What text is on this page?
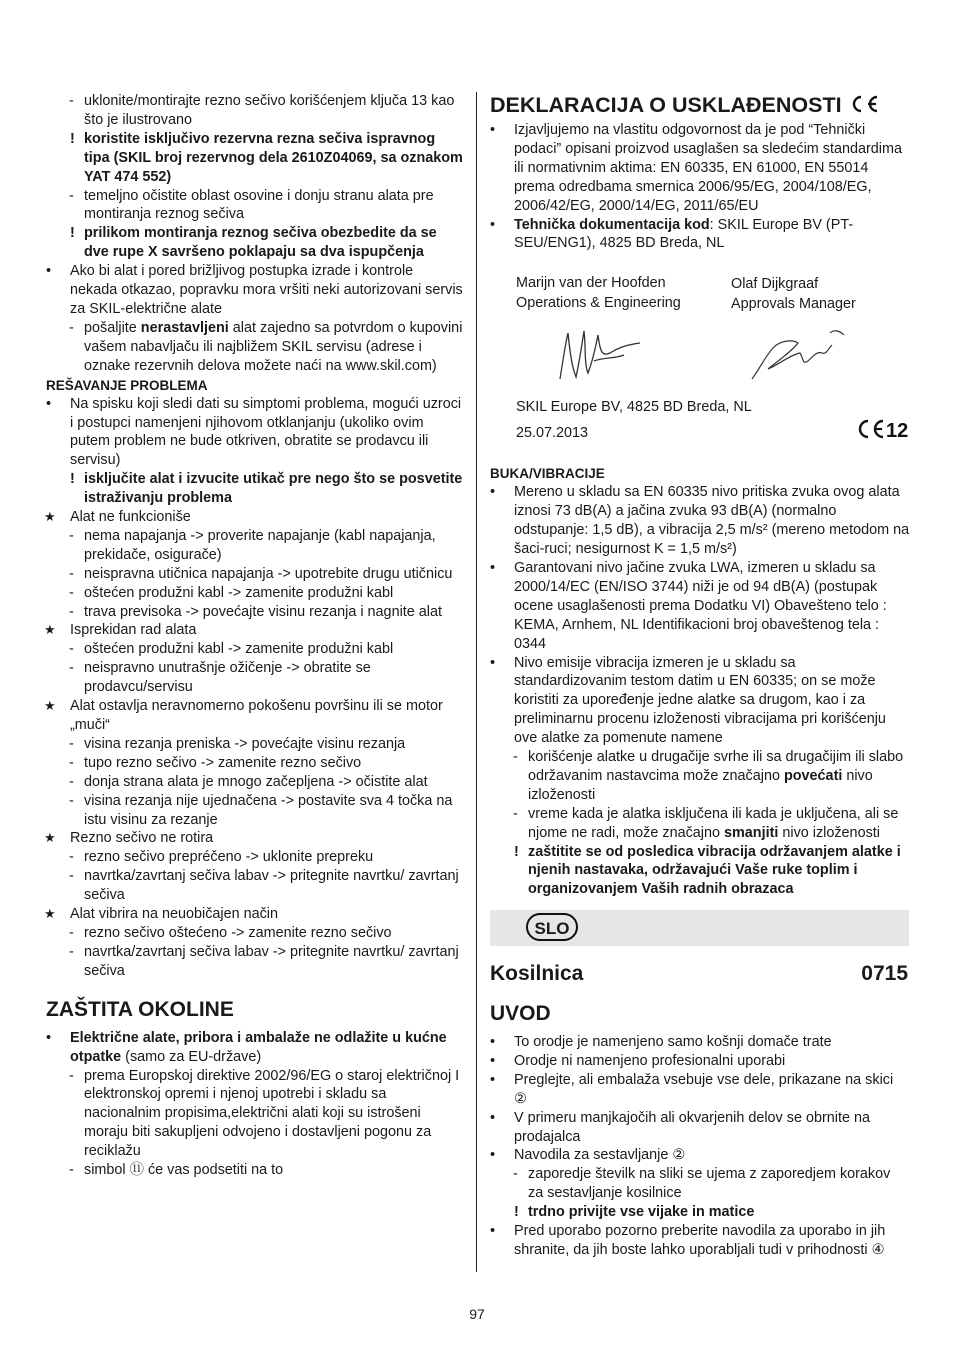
- uklonite/montirajte rezno sečivo korišćenjem ključa 13 kao što je ilustrovano
! koristite isključivo rezervna rezna sečiva ispravnog tipa (SKIL broj rezervnog dela 2610Z04069, sa oznakom YAT 474 552)
- temeljno očistite oblast osovine i donju stranu alata pre montiranja reznog sečiva
! prilikom montiranja reznog sečiva obezbedite da se dve rupe X savršeno poklapaju sa dva ispupčenja
• Ako bi alat i pored brižljivog postupka izrade i kontrole nekada otkazao, popravku mora vršiti neki autorizovani servis za SKIL-električne alate
- pošaljite nerastavljeni alat zajedno sa potvrdom o kupovini vašem nabavljaču ili najbližem SKIL servisu (adrese i oznake rezervnih delova možete naći na www.skil.com)
REŠAVANJE PROBLEMA
• Na spisku koji sledi dati su simptomi problema, mogući uzroci i postupci namenjeni njihovom otklanjanju (ukoliko ovim putem problem ne bude otkriven, obratite se prodavcu ili servisu)
! isključite alat i izvucite utikač pre nego što se posvetite istraživanju problema
★ Alat ne funkcioniše
- nema napajanja -> proverite napajanje (kabl napajanja, prekidače, osigurače)
- neispravna utičnica napajanja -> upotrebite drugu utičnicu
- oštećen produžni kabl -> zamenite produžni kabl
- trava previsoka -> povećajte visinu rezanja i nagnite alat
★ Isprekidan rad alata
- oštećen produžni kabl -> zamenite produžni kabl
- neispravno unutrašnje ožičenje -> obratite se prodavcu/servisu
★ Alat ostavlja neravnomerno pokošenu površinu ili se motor „muči“
- visina rezanja preniska -> povećajte visinu rezanja
- tupo rezno sečivo -> zamenite rezno sečivo
- donja strana alata je mnogo začepljena -> očistite alat
- visina rezanja nije ujednačena -> postavite sva 4 točka na istu visinu za rezanje
★ Rezno sečivo ne rotira
- rezno sečivo prepréčeno -> uklonite prepreku
- navrtka/zavrtanj sečiva labav -> pritegnite navrtku/ zavrtanj sečiva
★ Alat vibrira na neuobičajen način
- rezno sečivo oštećeno -> zamenite rezno sečivo
- navrtka/zavrtanj sečiva labav -> pritegnite navrtku/ zavrtanj sečiva
ZAŠTITA OKOLINE
• Električne alate, pribora i ambalaže ne odlažite u kućne otpatke (samo za EU-države)
- prema Europskoj direktive 2002/96/EG o staroj električnoj I elektronskoj opremi i njenoj upotrebi i skladu sa nacionalnim propisima,električni alati koji su istrošeni moraju biti sakupljeni odvojeno i dostavljeni pogonu za reciklažu
- simbol ⑪ će vas podsetiti na to
DEKLARACIJA O USKLAĐENOSTI
• Izjavljujemo na vlastitu odgovornost da je pod “Tehnički podaci” opisani proizvod usaglašen sa sledećim standardima ili normativnim aktima: EN 60335, EN 61000, EN 55014 prema odredbama smernica 2006/95/EG, 2004/108/EG, 2006/42/EG, 2000/14/EG, 2011/65/EU
• Tehnička dokumentacija kod: SKIL Europe BV (PT-SEU/ENG1), 4825 BD Breda, NL
Marijn van der Hoofden
Operations & Engineering
Olaf Dijkgraaf
Approvals Manager
SKIL Europe BV, 4825 BD Breda, NL
25.07.2013	12
BUKA/VIBRACIJE
• Mereno u skladu sa EN 60335 nivo pritiska zvuka ovog alata iznosi 73 dB(A) a jačina zvuka 93 dB(A) (normalno odstupanje: 1,5 dB), a vibracija 2,5 m/s² (mereno metodom na šaci-ruci; nesigurnost K = 1,5 m/s²)
• Garantovani nivo jačine zvuka LWA, izmeren u skladu sa 2000/14/EC (EN/ISO 3744) niži je od 94 dB(A) (postupak ocene usaglašenosti prema Dodatku VI) Obavešteno telo : KEMA, Arnhem, NL Identifikacioni broj obaveštenog tela : 0344
• Nivo emisije vibracija izmeren je u skladu sa standardizovanim testom datim u EN 60335; on se može koristiti za upoređenje jedne alatke sa drugom, kao i za preliminarnu procenu izloženosti vibracijama pri korišćenju ove alatke za pomenute namene
- korišćenje alatke u drugačije svrhe ili sa drugačijim ili slabo održavanim nastavcima može značajno povećati nivo izloženosti
- vreme kada je alatka isključena ili kada je uključena, ali se njome ne radi, može značajno smanjiti nivo izloženosti
! zaštitite se od posledica vibracija održavanjem alatke i njenih nastavaka, održavajući Vaše ruke toplim i organizovanjem Vaših radnih obrazaca
SLO
Kosilnica	0715
UVOD
• To orodje je namenjeno samo košnji domače trate
• Orodje ni namenjeno profesionalni uporabi
• Preglejte, ali embalaža vsebuje vse dele, prikazane na skici ②
• V primeru manjkajočih ali okvarjenih delov se obrnite na prodajalca
• Navodila za sestavljanje ②
- zaporedje številk na sliki se ujema z zaporedjem korakov za sestavljanje kosilnice
! trdno privijte vse vijake in matice
• Pred uporabo pozorno preberite navodila za uporabo in jih shranite, da jih boste lahko uporabljali tudi v prihodnosti ④
97
